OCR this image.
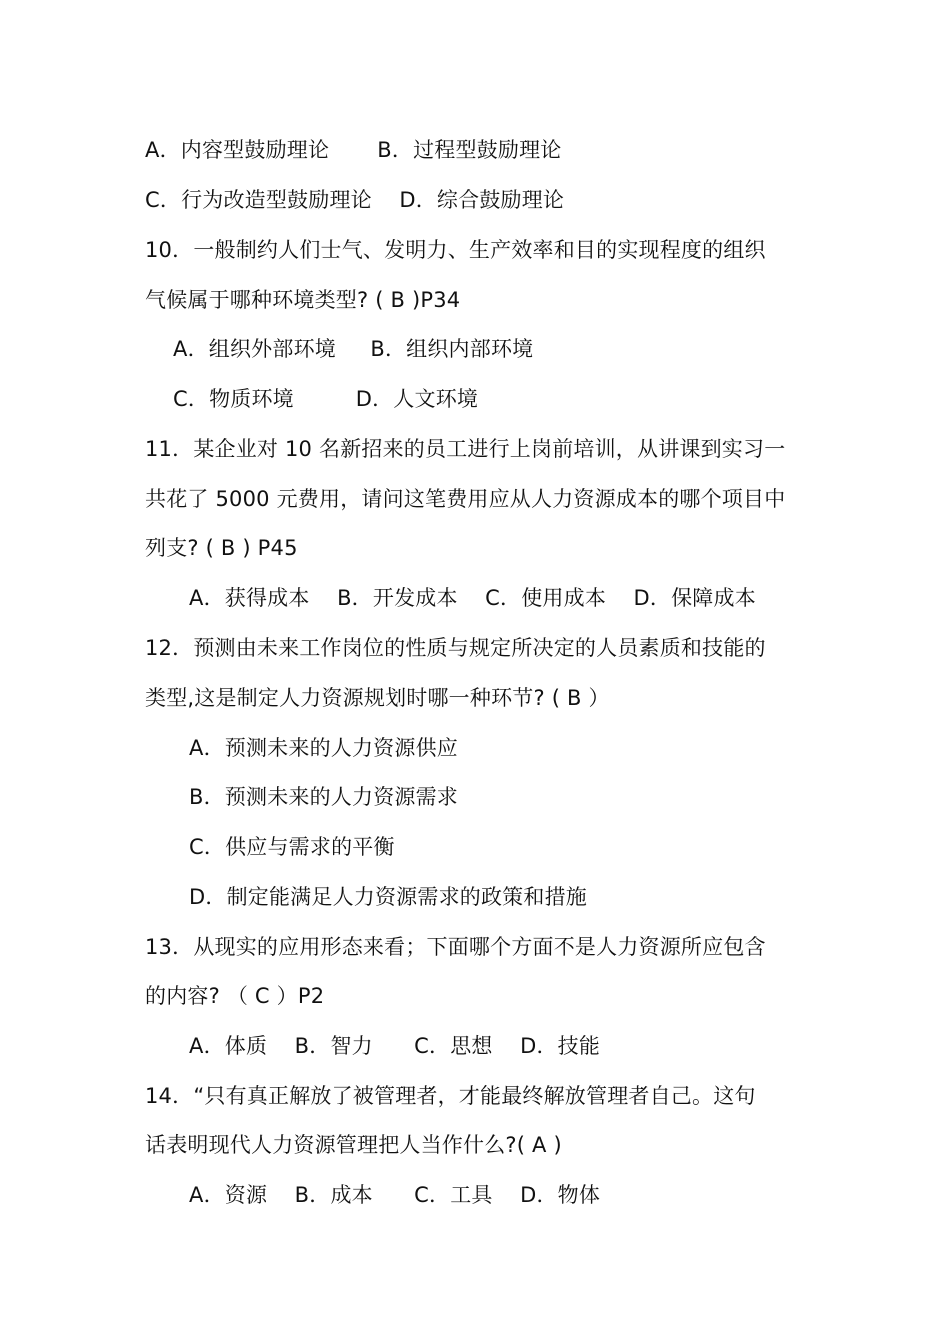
A．内容型鼓励理论       B．过程型鼓励理论
C．行为改造型鼓励理论    D．综合鼓励理论
10．一般制约人们士气、发明力、生产效率和目的实现程度的组织
气候属于哪种环境类型? ( B )P34
A．组织外部环境     B．组织内部环境
C．物质环境         D．人文环境
11．某企业对 10 名新招来的员工进行上岗前培训，从讲课到实习一
共花了 5000 元费用，请问这笔费用应从人力资源成本的哪个项目中
列支? ( B ) P45
A．获得成本    B．开发成本    C．使用成本    D．保障成本
12．预测由未来工作岗位的性质与规定所决定的人员素质和技能的
类型,这是制定人力资源规划时哪一种环节? ( B ）
A．预测未来的人力资源供应
B．预测未来的人力资源需求
C．供应与需求的平衡
D．制定能满足人力资源需求的政策和措施
13．从现实的应用形态来看；下面哪个方面不是人力资源所应包含
的内容? （ C ）P2
A．体质    B．智力      C．思想    D．技能
14．“只有真正解放了被管理者，才能最终解放管理者自己。这句
话表明现代人力资源管理把人当作什么?( A )
A．资源    B．成本      C．工具    D．物体
